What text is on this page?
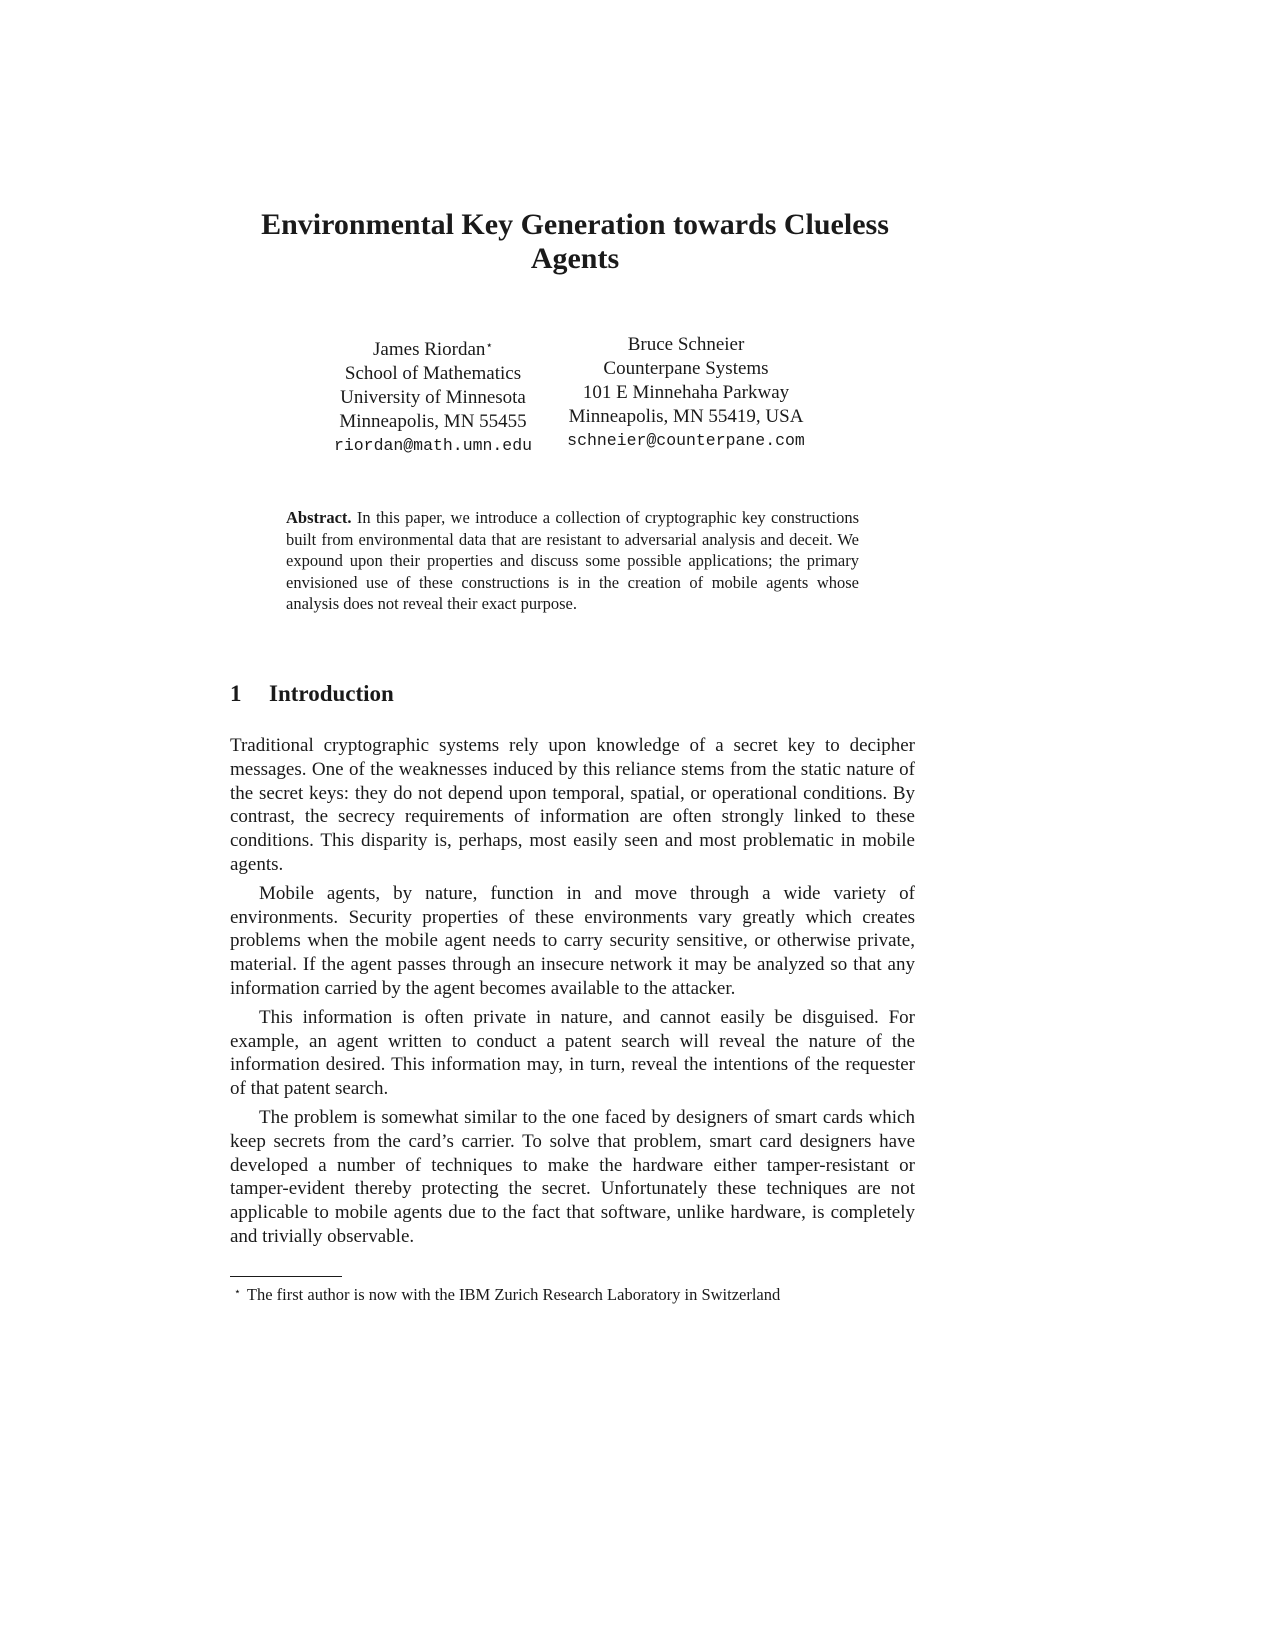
Environmental Key Generation towards Clueless Agents
James Riordan⋆
School of Mathematics
University of Minnesota
Minneapolis, MN 55455
riordan@math.umn.edu
Bruce Schneier
Counterpane Systems
101 E Minnehaha Parkway
Minneapolis, MN 55419, USA
schneier@counterpane.com
Abstract. In this paper, we introduce a collection of cryptographic key constructions built from environmental data that are resistant to adversarial analysis and deceit. We expound upon their properties and discuss some possible applications; the primary envisioned use of these constructions is in the creation of mobile agents whose analysis does not reveal their exact purpose.
1 Introduction

Traditional cryptographic systems rely upon knowledge of a secret key to decipher messages. One of the weaknesses induced by this reliance stems from the static nature of the secret keys: they do not depend upon temporal, spatial, or operational conditions. By contrast, the secrecy requirements of information are often strongly linked to these conditions. This disparity is, perhaps, most easily seen and most problematic in mobile agents.

Mobile agents, by nature, function in and move through a wide variety of environments. Security properties of these environments vary greatly which creates problems when the mobile agent needs to carry security sensitive, or otherwise private, material. If the agent passes through an insecure network it may be analyzed so that any information carried by the agent becomes available to the attacker.

This information is often private in nature, and cannot easily be disguised. For example, an agent written to conduct a patent search will reveal the nature of the information desired. This information may, in turn, reveal the intentions of the requester of that patent search.

The problem is somewhat similar to the one faced by designers of smart cards which keep secrets from the card’s carrier. To solve that problem, smart card designers have developed a number of techniques to make the hardware either tamper-resistant or tamper-evident thereby protecting the secret. Unfortunately these techniques are not applicable to mobile agents due to the fact that software, unlike hardware, is completely and trivially observable.

⋆ The first author is now with the IBM Zurich Research Laboratory in Switzerland
